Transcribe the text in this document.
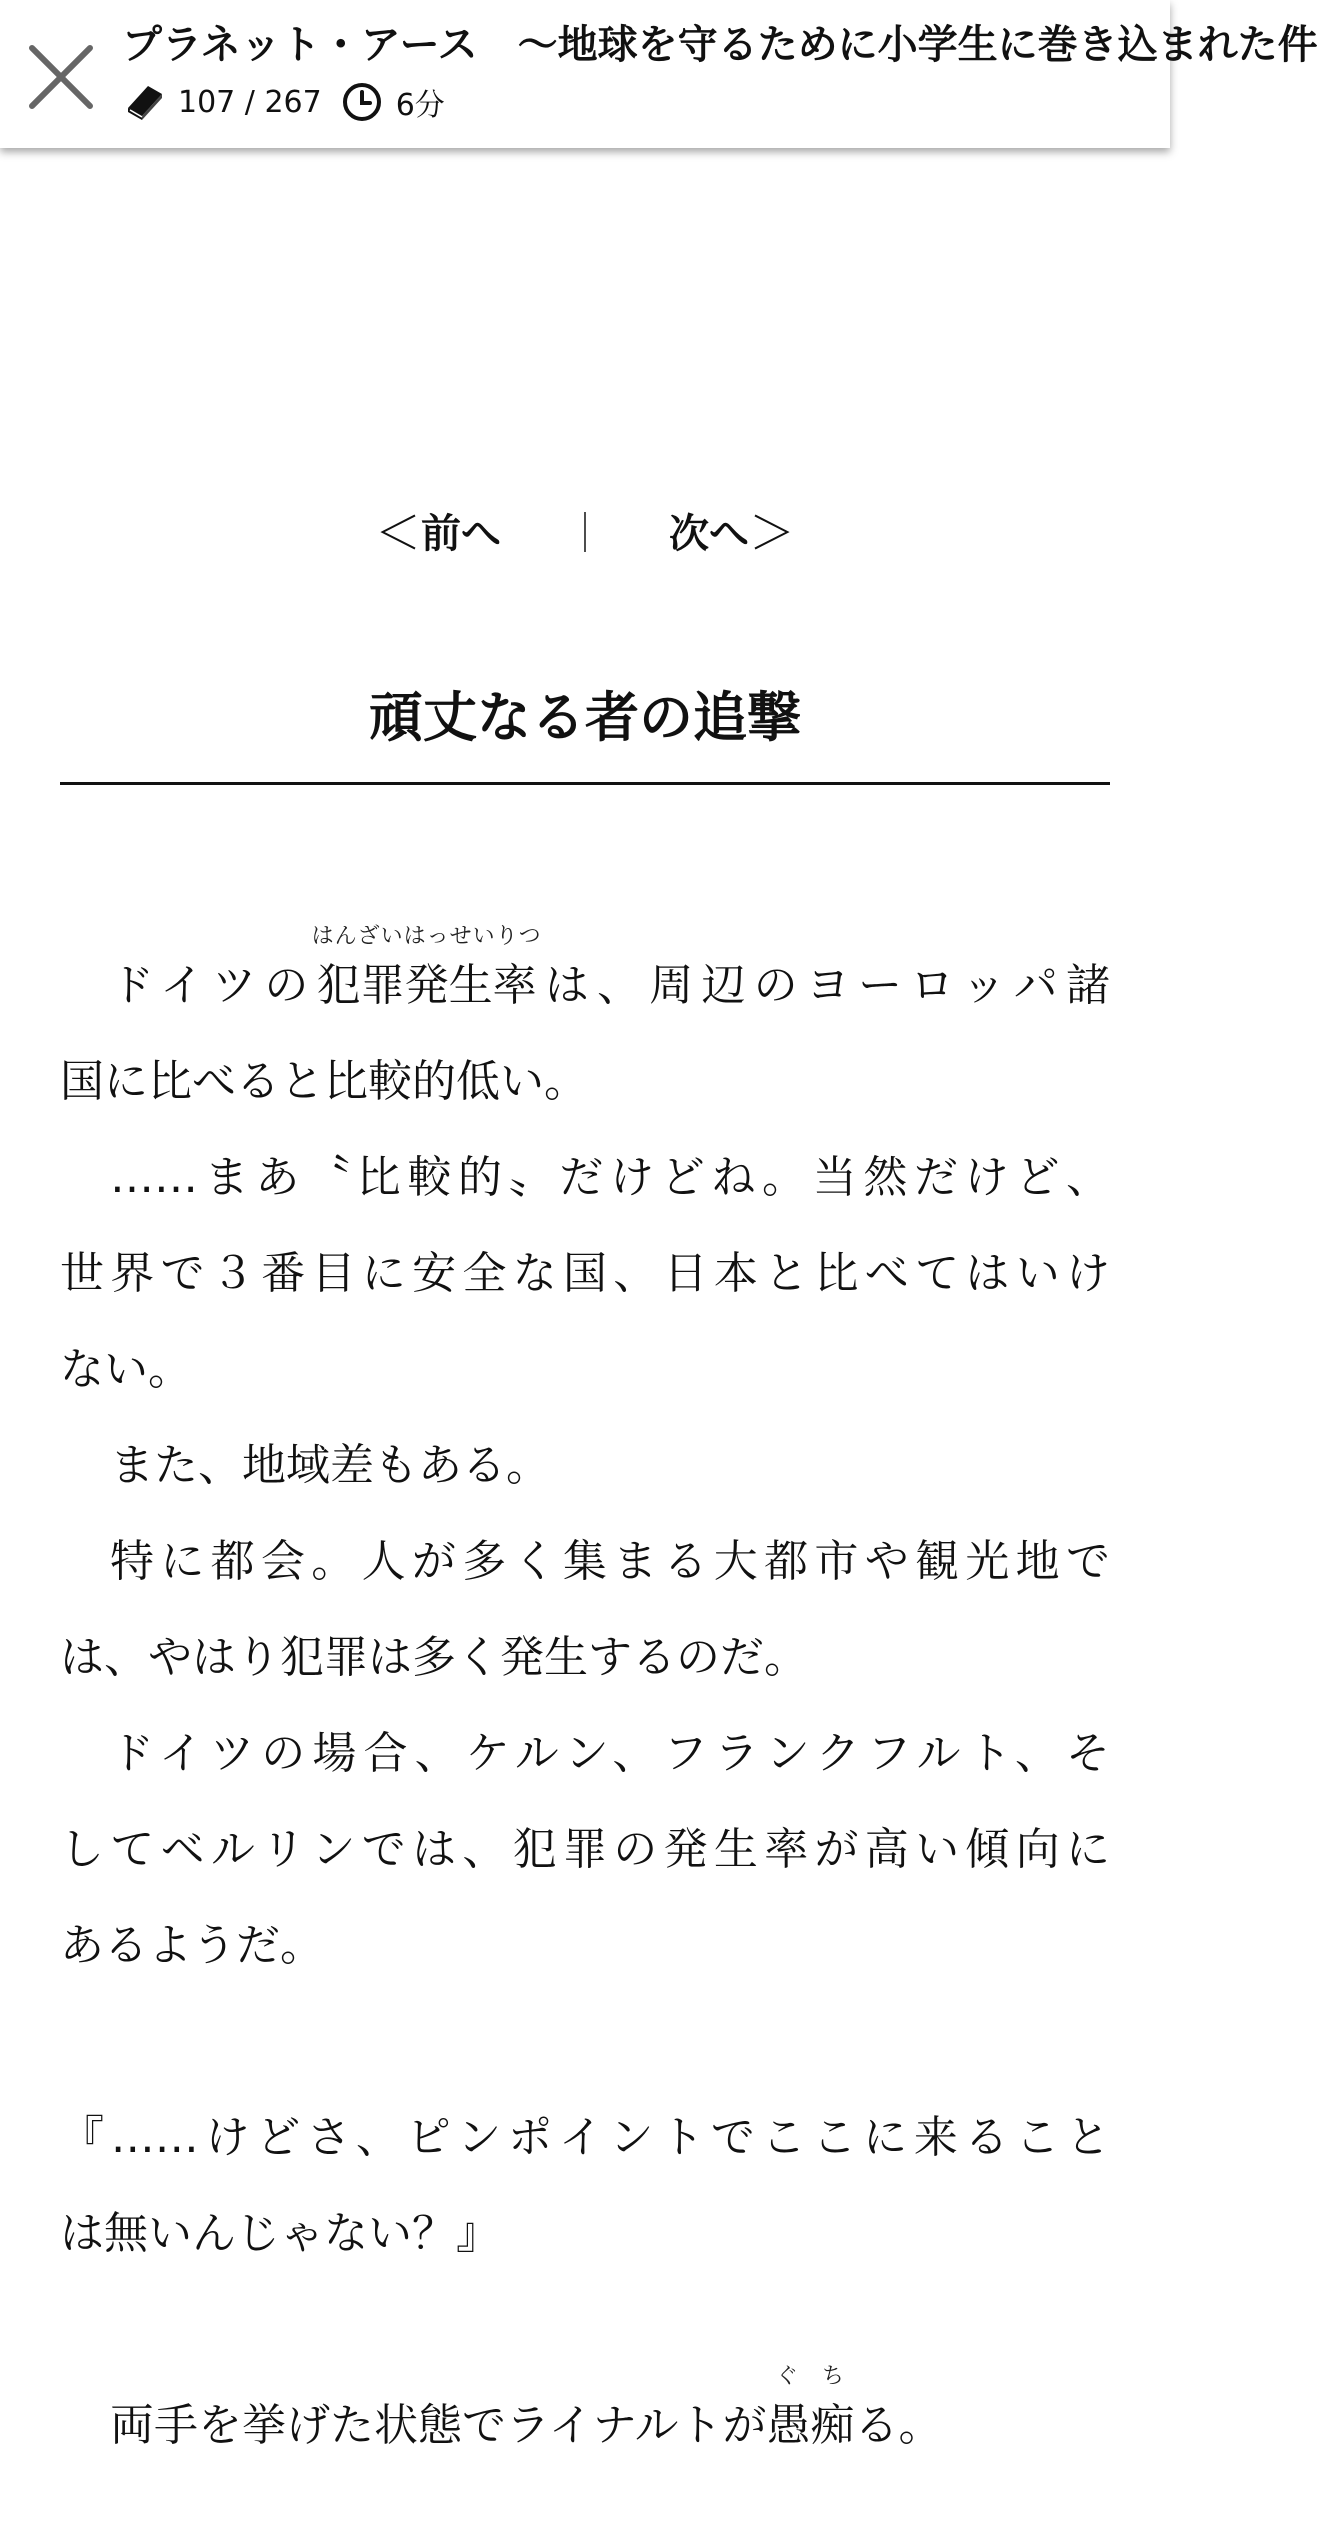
プラネット・アース　～地球を守るために小学生に巻き込まれた件
107 / 267 6分
＜ 前へ ｜ 次へ ＞
頑丈なる者の追撃
ドイツの
はんざいはっせいりつ
犯罪発生率は、周辺のヨーロッパ諸
国に比べると比較的低い。
……まあ〝比較的〟だけどね。当然だけど、
世界で３番目に安全な国、日本と比べてはいけ
ない。
また、地域差もある。
特に都会。人が多く集まる大都市や観光地で
は、やはり犯罪は多く発生するのだ。
ドイツの場合、ケルン、フランクフルト、そ
してベルリンでは、犯罪の発生率が高い傾向に
あるようだ。
『……けどさ、ピンポイントでここに来ること
は無いんじゃない？』
両手を挙げた状態でライナルトが
ぐ　ち
愚痴る。
